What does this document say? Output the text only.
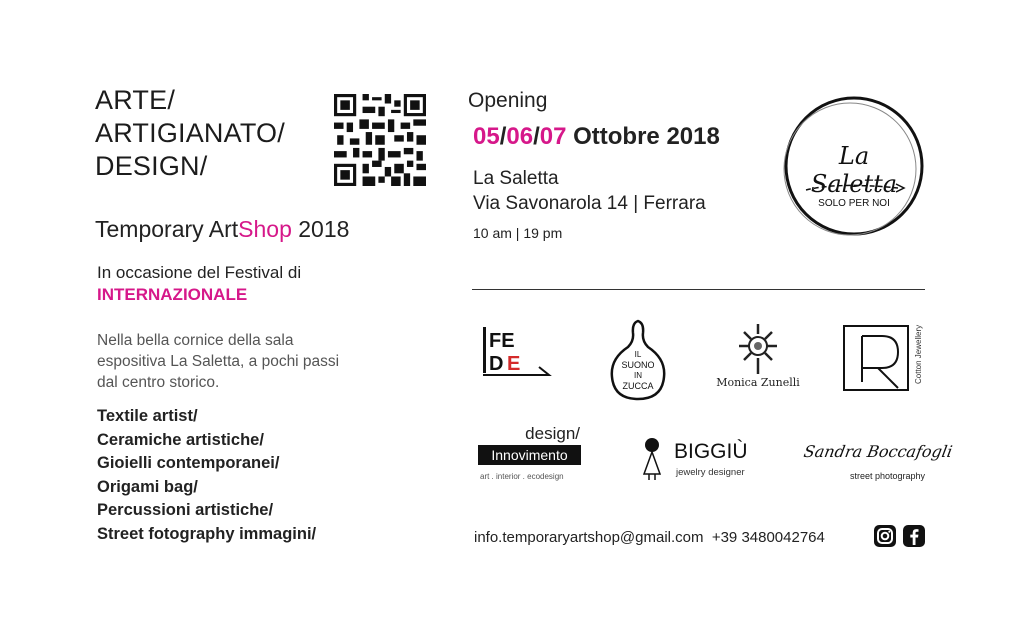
ARTE/
ARTIGIANATO/
DESIGN/
Temporary ArtShop 2018
In occasione del Festival di
INTERNAZIONALE
Nella bella cornice della sala espositiva La Saletta, a pochi passi dal centro storico.
Textile artist/
Ceramiche artistiche/
Gioielli contemporanei/
Origami bag/
Percussioni artistiche/
Street fotography immagini/
Opening
05/06/07 Ottobre 2018
La Saletta
Via Savonarola 14 | Ferrara
10 am | 19 pm
La Saletta
SOLO PER NOI
FE
D E	IL
SUONO
IN
ZUCCA	Monica Zunelli	Cotton Jewellery
design/
Innovimento
art . interior . ecodesign
BIGGIÙ
jewelry designer
Sandra Boccafogli
street photography
info.temporaryartshop@gmail.com +39 3480042764
